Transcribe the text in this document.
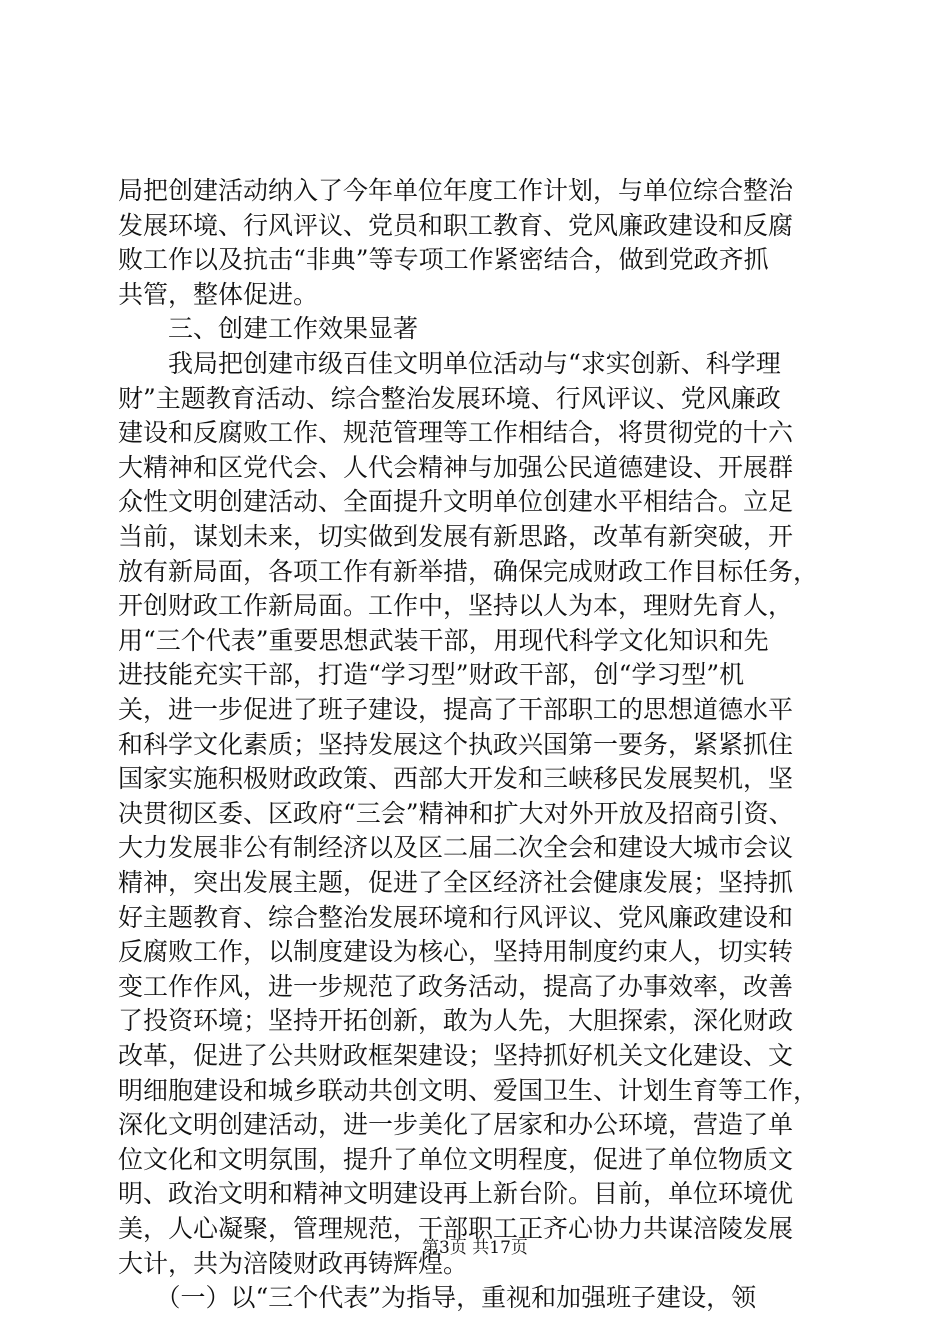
局把创建活动纳入了今年单位年度工作计划，与单位综合整治
发展环境、行风评议、党员和职工教育、党风廉政建设和反腐
败工作以及抗击“非典”等专项工作紧密结合，做到党政齐抓
共管，整体促进。
　　三、创建工作效果显著
　　我局把创建市级百佳文明单位活动与“求实创新、科学理
财”主题教育活动、综合整治发展环境、行风评议、党风廉政
建设和反腐败工作、规范管理等工作相结合，将贯彻党的十六
大精神和区党代会、人代会精神与加强公民道德建设、开展群
众性文明创建活动、全面提升文明单位创建水平相结合。立足
当前，谋划未来，切实做到发展有新思路，改革有新突破，开
放有新局面，各项工作有新举措，确保完成财政工作目标任务，
开创财政工作新局面。工作中，坚持以人为本，理财先育人，
用“三个代表”重要思想武装干部，用现代科学文化知识和先
进技能充实干部，打造“学习型”财政干部，创“学习型”机
关，进一步促进了班子建设，提高了干部职工的思想道德水平
和科学文化素质；坚持发展这个执政兴国第一要务，紧紧抓住
国家实施积极财政政策、西部大开发和三峡移民发展契机，坚
决贯彻区委、区政府“三会”精神和扩大对外开放及招商引资、
大力发展非公有制经济以及区二届二次全会和建设大城市会议
精神，突出发展主题，促进了全区经济社会健康发展；坚持抓
好主题教育、综合整治发展环境和行风评议、党风廉政建设和
反腐败工作，以制度建设为核心，坚持用制度约束人，切实转
变工作作风，进一步规范了政务活动，提高了办事效率，改善
了投资环境；坚持开拓创新，敢为人先，大胆探索，深化财政
改革，促进了公共财政框架建设；坚持抓好机关文化建设、文
明细胞建设和城乡联动共创文明、爱国卫生、计划生育等工作，
深化文明创建活动，进一步美化了居家和办公环境，营造了单
位文化和文明氛围，提升了单位文明程度，促进了单位物质文
明、政治文明和精神文明建设再上新台阶。目前，单位环境优
美，人心凝聚，管理规范，干部职工正齐心协力共谋涪陵发展
大计，共为涪陵财政再铸辉煌。
　　（一）以“三个代表”为指导，重视和加强班子建设，领
第3页 共17页
